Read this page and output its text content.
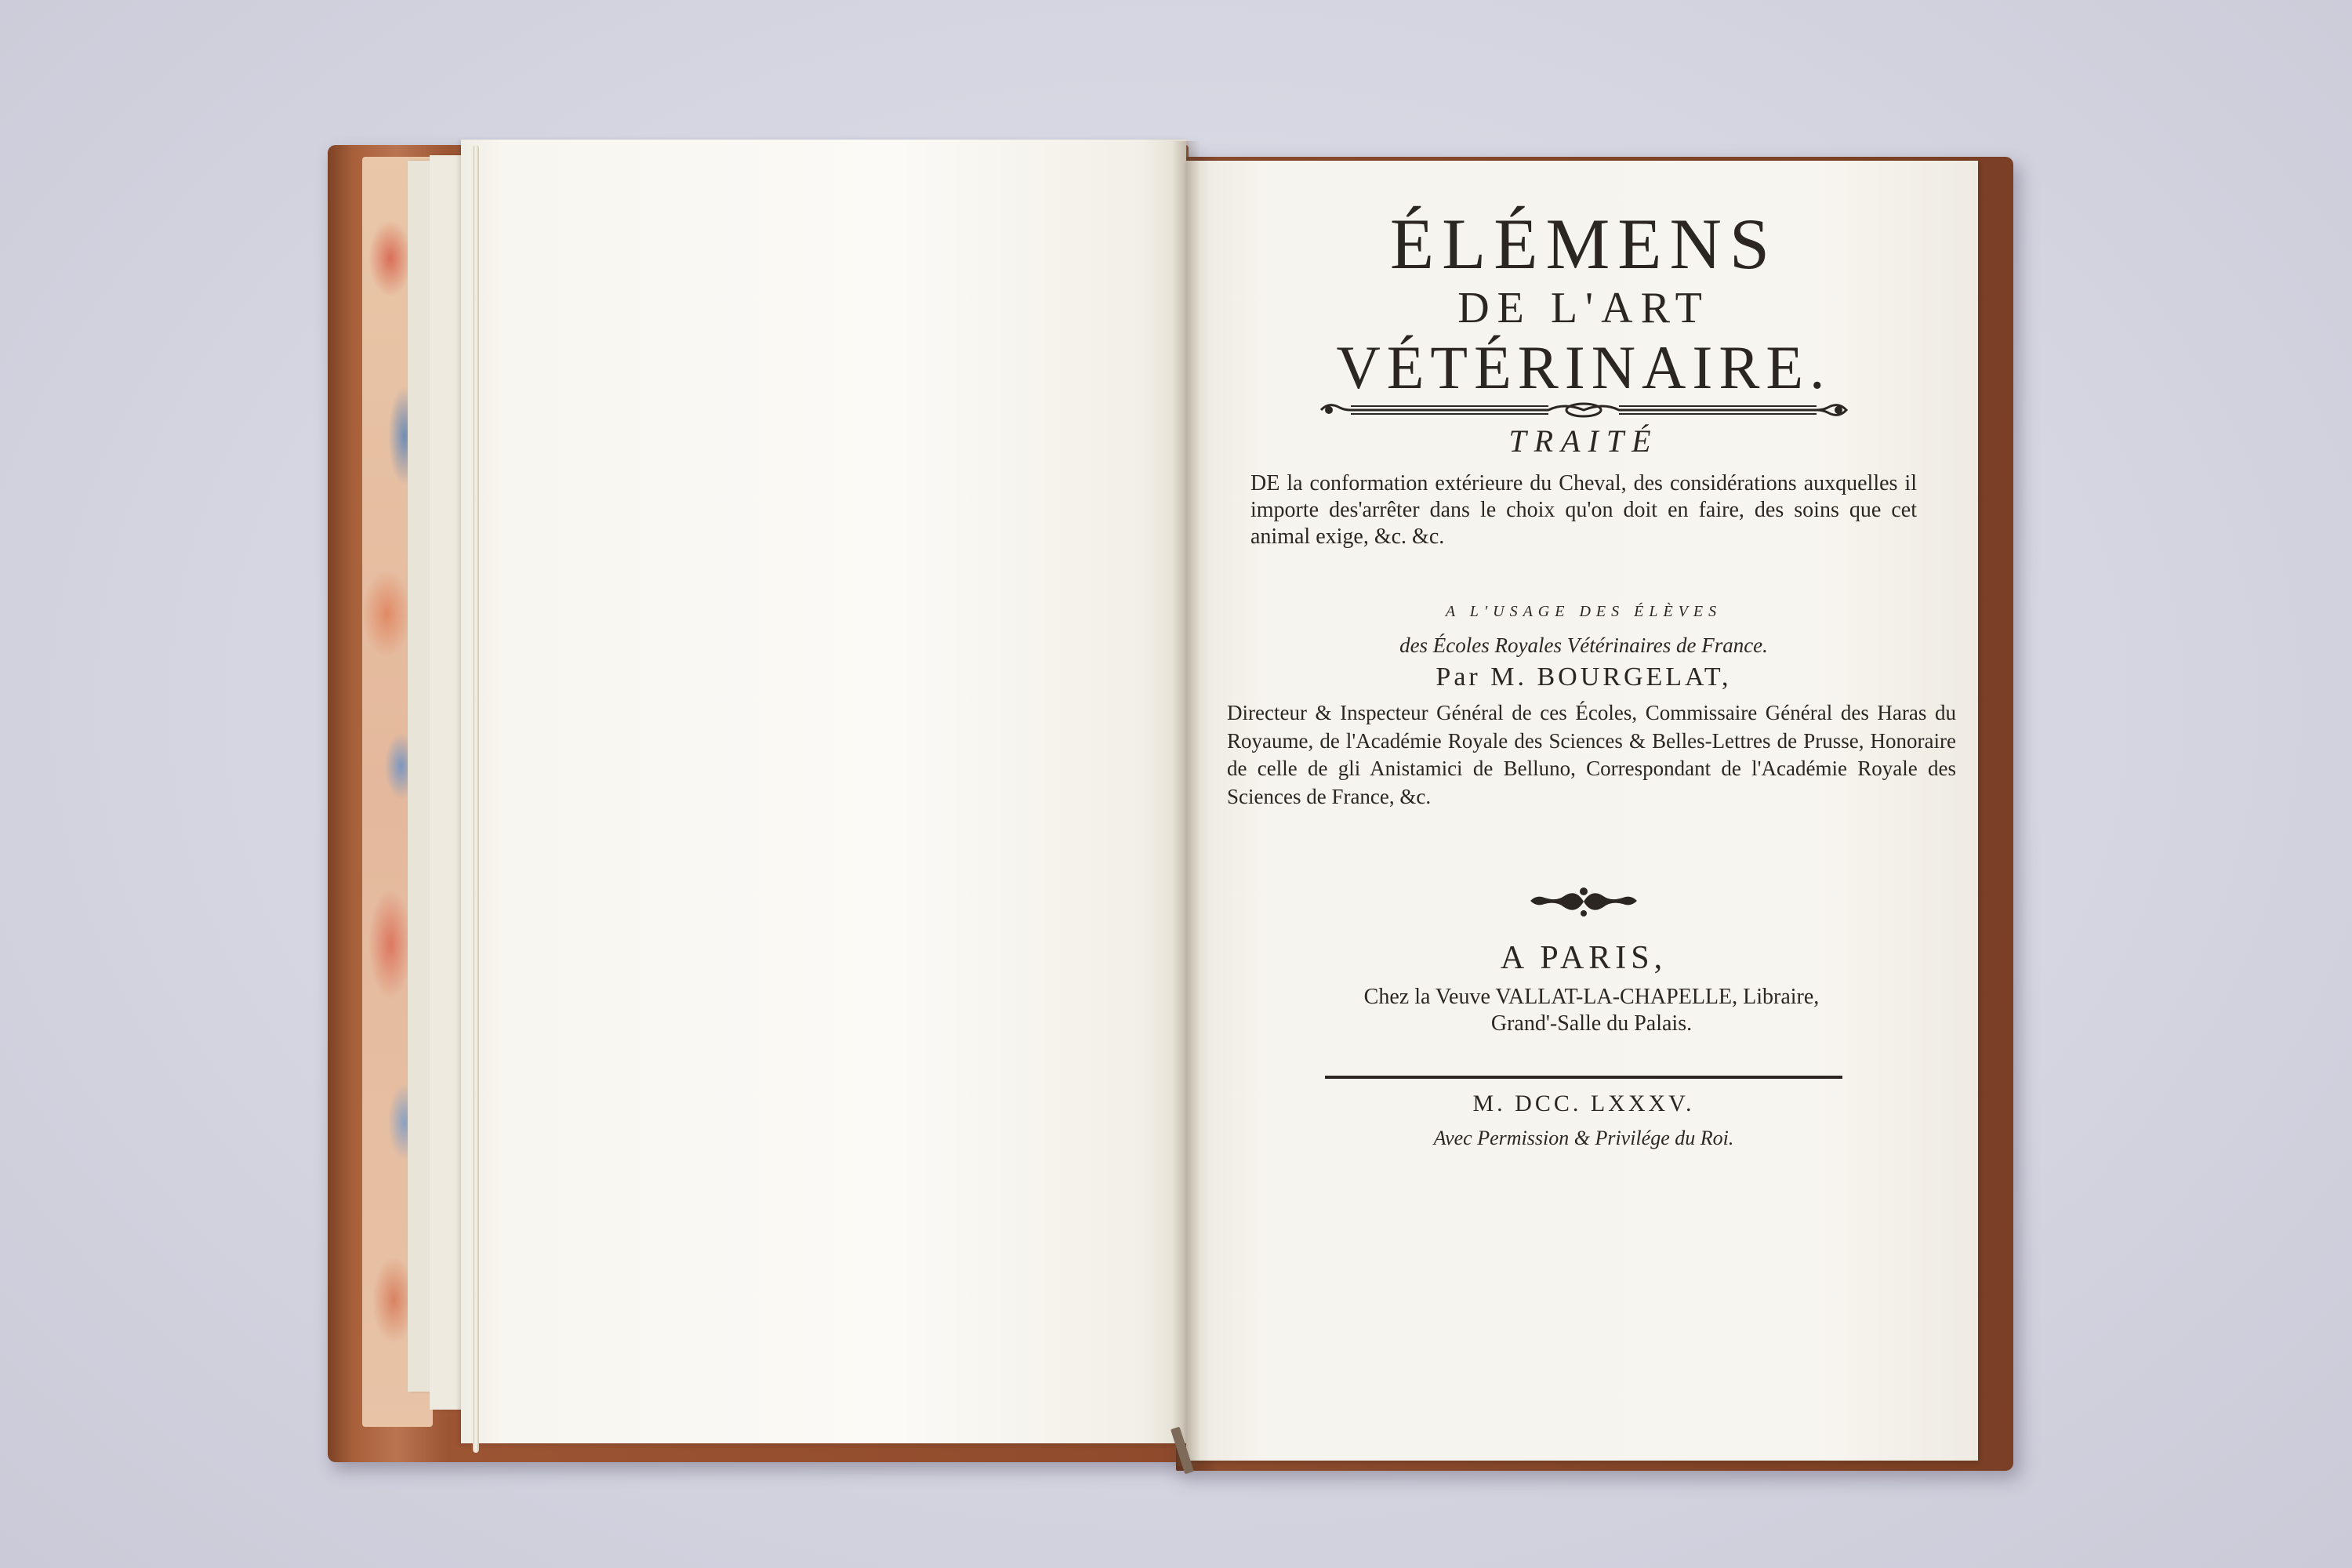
ÉLÉMENS
DE L'ART
VÉTÉRINAIRE.
TRAITÉ
DE la conformation extérieure du Cheval, des considérations auxquelles il importe des'arrêter dans le choix qu'on doit en faire, des soins que cet animal exige, &c. &c.
A L'USAGE DES ÉLÈVES
des Écoles Royales Vétérinaires de France.
Par M. BOURGELAT,
Directeur & Inspecteur Général de ces Écoles, Commissaire Général des Haras du Royaume, de l'Académie Royale des Sciences & Belles-Lettres de Prusse, Honoraire de celle de gli Anistamici de Belluno, Correspondant de l'Académie Royale des Sciences de France, &c.
A PARIS,
Chez la Veuve VALLAT-LA-CHAPELLE, Libraire,
Grand'-Salle du Palais.
M. DCC. LXXXV.
Avec Permission & Privilége du Roi.
